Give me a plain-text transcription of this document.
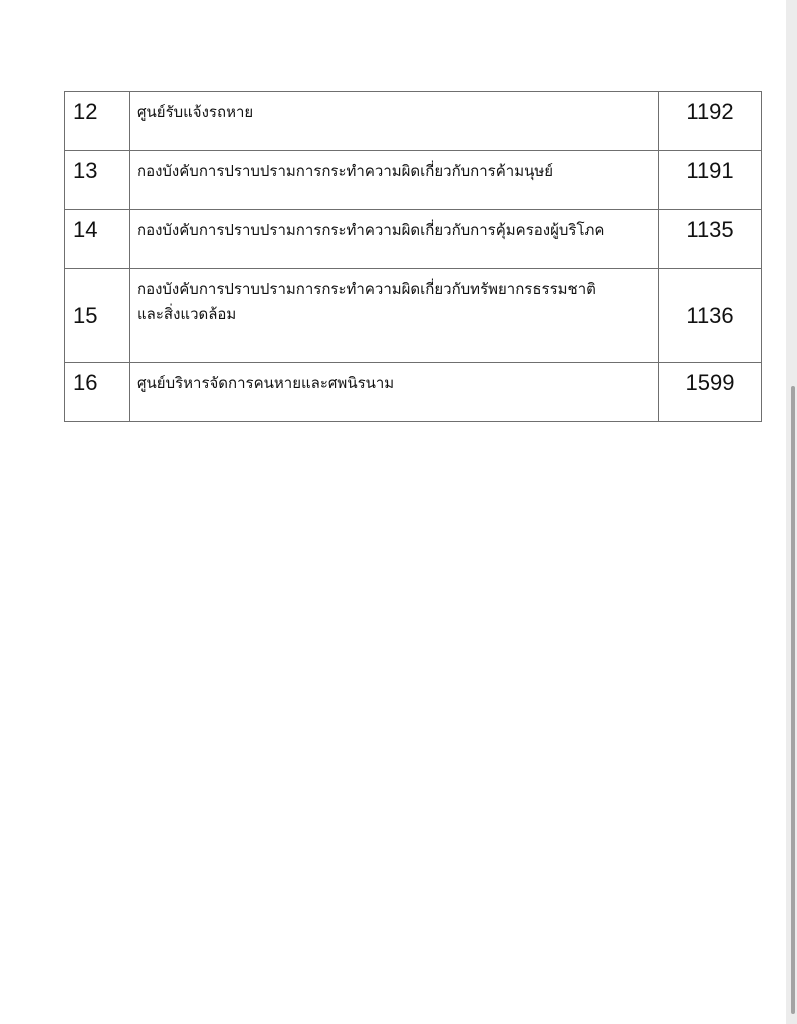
12	ศูนย์รับแจ้งรถหาย	1192
13	กองบังคับการปราบปรามการกระทำความผิดเกี่ยวกับการค้ามนุษย์	1191
14	กองบังคับการปราบปรามการกระทำความผิดเกี่ยวกับการคุ้มครองผู้บริโภค	1135
15	กองบังคับการปราบปรามการกระทำความผิดเกี่ยวกับทรัพยากรธรรมชาติ
และสิ่งแวดล้อม	1136
16	ศูนย์บริหารจัดการคนหายและศพนิรนาม	1599
